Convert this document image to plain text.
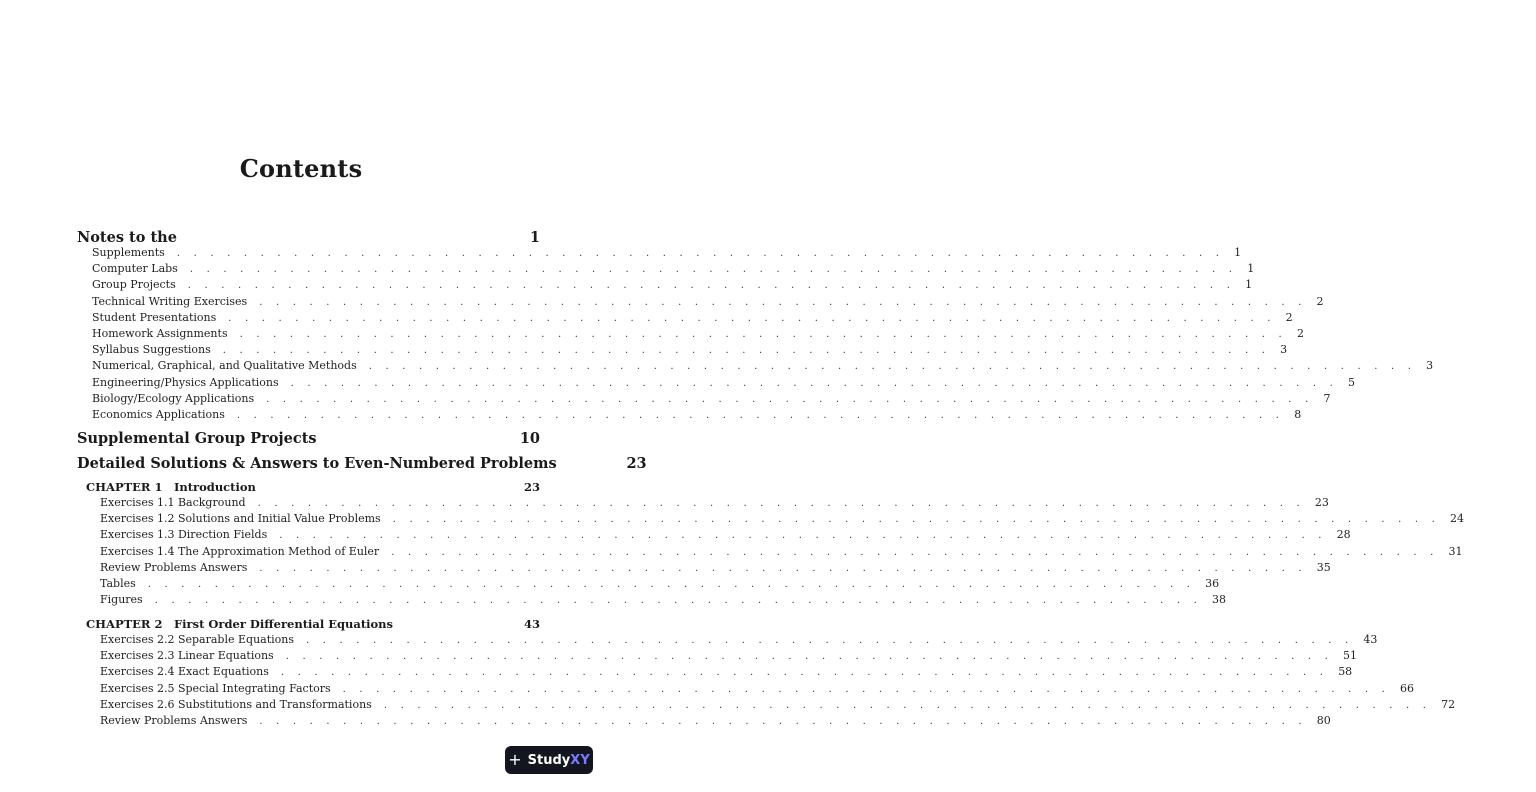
Contents
Notes to the	1
Supplements . . . . . . . . . . . . . . . . . . . . . . . . . . . . . . . . . . . . . . . . . . . . . . . . . . . . . . . . . . . . . . . 1
Computer Labs . . . . . . . . . . . . . . . . . . . . . . . . . . . . . . . . . . . . . . . . . . . . . . . . . . . . . . . . . . . . . . . 1
Group Projects . . . . . . . . . . . . . . . . . . . . . . . . . . . . . . . . . . . . . . . . . . . . . . . . . . . . . . . . . . . . . . . 1
Technical Writing Exercises . . . . . . . . . . . . . . . . . . . . . . . . . . . . . . . . . . . . . . . . . . . . . . . . . . . . . . . . . . . . . . . 2
Student Presentations . . . . . . . . . . . . . . . . . . . . . . . . . . . . . . . . . . . . . . . . . . . . . . . . . . . . . . . . . . . . . . . 2
Homework Assignments . . . . . . . . . . . . . . . . . . . . . . . . . . . . . . . . . . . . . . . . . . . . . . . . . . . . . . . . . . . . . . . 2
Syllabus Suggestions . . . . . . . . . . . . . . . . . . . . . . . . . . . . . . . . . . . . . . . . . . . . . . . . . . . . . . . . . . . . . . . 3
Numerical, Graphical, and Qualitative Methods . . . . . . . . . . . . . . . . . . . . . . . . . . . . . . . . . . . . . . . . . . . . . . . . . . . . . . . . . . . . . . . 3
Engineering/Physics Applications . . . . . . . . . . . . . . . . . . . . . . . . . . . . . . . . . . . . . . . . . . . . . . . . . . . . . . . . . . . . . . . 5
Biology/Ecology Applications . . . . . . . . . . . . . . . . . . . . . . . . . . . . . . . . . . . . . . . . . . . . . . . . . . . . . . . . . . . . . . . 7
Economics Applications . . . . . . . . . . . . . . . . . . . . . . . . . . . . . . . . . . . . . . . . . . . . . . . . . . . . . . . . . . . . . . . 8
Supplemental Group Projects	10
Detailed Solutions & Answers to Even-Numbered Problems	23
CHAPTER 1 Introduction	23
Exercises 1.1 Background . . . . . . . . . . . . . . . . . . . . . . . . . . . . . . . . . . . . . . . . . . . . . . . . . . . . . . . . . . . . . . . 23
Exercises 1.2 Solutions and Initial Value Problems . . . . . . . . . . . . . . . . . . . . . . . . . . . . . . . . . . . . . . . . . . . . . . . . . . . . . . . . . . . . . . . 24
Exercises 1.3 Direction Fields . . . . . . . . . . . . . . . . . . . . . . . . . . . . . . . . . . . . . . . . . . . . . . . . . . . . . . . . . . . . . . . 28
Exercises 1.4 The Approximation Method of Euler . . . . . . . . . . . . . . . . . . . . . . . . . . . . . . . . . . . . . . . . . . . . . . . . . . . . . . . . . . . . . . . 31
Review Problems Answers . . . . . . . . . . . . . . . . . . . . . . . . . . . . . . . . . . . . . . . . . . . . . . . . . . . . . . . . . . . . . . . 35
Tables . . . . . . . . . . . . . . . . . . . . . . . . . . . . . . . . . . . . . . . . . . . . . . . . . . . . . . . . . . . . . . . 36
Figures . . . . . . . . . . . . . . . . . . . . . . . . . . . . . . . . . . . . . . . . . . . . . . . . . . . . . . . . . . . . . . . 38
CHAPTER 2 First Order Differential Equations	43
Exercises 2.2 Separable Equations . . . . . . . . . . . . . . . . . . . . . . . . . . . . . . . . . . . . . . . . . . . . . . . . . . . . . . . . . . . . . . . 43
Exercises 2.3 Linear Equations . . . . . . . . . . . . . . . . . . . . . . . . . . . . . . . . . . . . . . . . . . . . . . . . . . . . . . . . . . . . . . . 51
Exercises 2.4 Exact Equations . . . . . . . . . . . . . . . . . . . . . . . . . . . . . . . . . . . . . . . . . . . . . . . . . . . . . . . . . . . . . . . 58
Exercises 2.5 Special Integrating Factors . . . . . . . . . . . . . . . . . . . . . . . . . . . . . . . . . . . . . . . . . . . . . . . . . . . . . . . . . . . . . . . 66
Exercises 2.6 Substitutions and Transformations . . . . . . . . . . . . . . . . . . . . . . . . . . . . . . . . . . . . . . . . . . . . . . . . . . . . . . . . . . . . . . . 72
Review Problems Answers . . . . . . . . . . . . . . . . . . . . . . . . . . . . . . . . . . . . . . . . . . . . . . . . . . . . . . . . . . . . . . . 80
+ StudyXY
